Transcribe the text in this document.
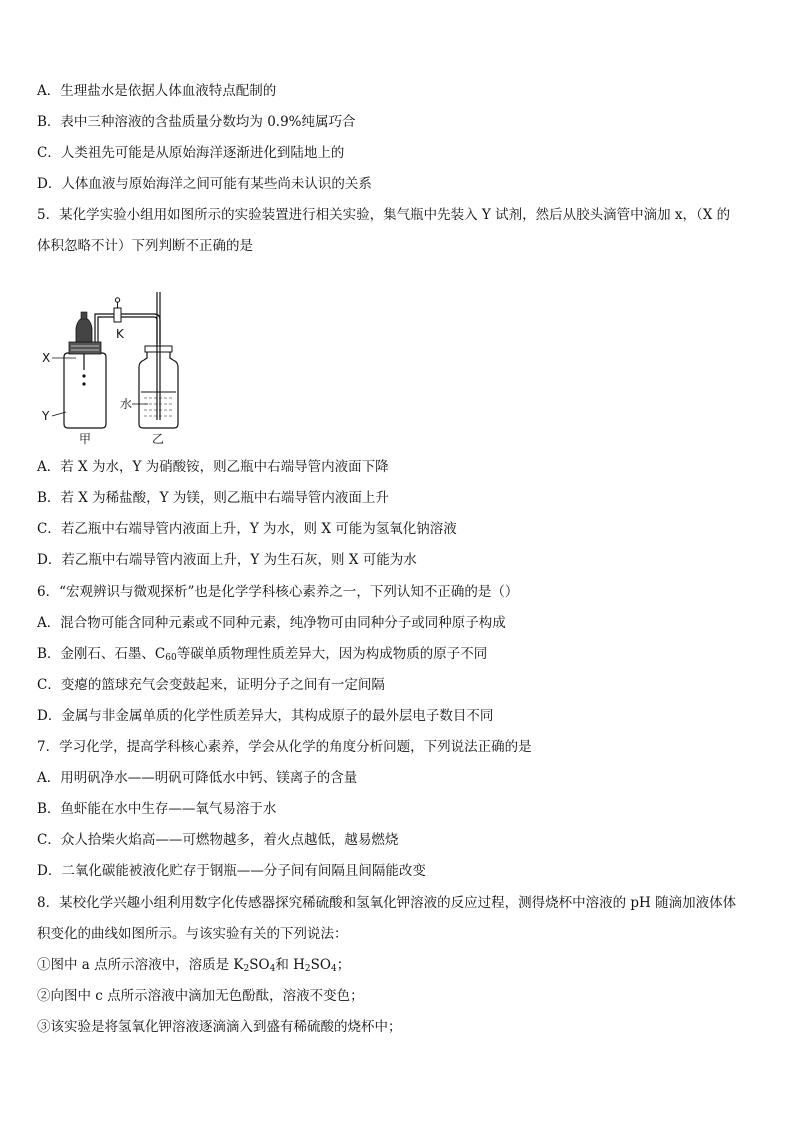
A．生理盐水是依据人体血液特点配制的
B．表中三种溶液的含盐质量分数均为 0.9%纯属巧合
C．人类祖先可能是从原始海洋逐渐进化到陆地上的
D．人体血液与原始海洋之间可能有某些尚未认识的关系
5．某化学实验小组用如图所示的实验装置进行相关实验，集气瓶中先装入 Y 试剂，然后从胶头滴管中滴加 x，（X 的
体积忽略不计）下列判断不正确的是
X
Y
K
水
甲	乙
A．若 X 为水，Y 为硝酸铵，则乙瓶中右端导管内液面下降
B．若 X 为稀盐酸，Y 为镁，则乙瓶中右端导管内液面上升
C．若乙瓶中右端导管内液面上升，Y 为水，则 X 可能为氢氧化钠溶液
D．若乙瓶中右端导管内液面上升，Y 为生石灰，则 X 可能为水
6．“宏观辨识与微观探析”也是化学学科核心素养之一，下列认知不正确的是（）
A．混合物可能含同种元素或不同种元素，纯净物可由同种分子或同种原子构成
B．金刚石、石墨、$C_{60}$等碳单质物理性质差异大，因为构成物质的原子不同
C．变瘪的篮球充气会变鼓起来，证明分子之间有一定间隔
D．金属与非金属单质的化学性质差异大，其构成原子的最外层电子数目不同
7．学习化学，提高学科核心素养，学会从化学的角度分析问题，下列说法正确的是
A．用明矾净水——明矾可降低水中钙、镁离子的含量
B．鱼虾能在水中生存——氧气易溶于水
C．众人拾柴火焰高——可燃物越多，着火点越低，越易燃烧
D．二氧化碳能被液化贮存于钢瓶——分子间有间隔且间隔能改变
8．某校化学兴趣小组利用数字化传感器探究稀硫酸和氢氧化钾溶液的反应过程，测得烧杯中溶液的 pH 随滴加液体体
积变化的曲线如图所示。与该实验有关的下列说法：
①图中 a 点所示溶液中，溶质是 $K_2SO_4$和 $H_2SO_4$；
②向图中 c 点所示溶液中滴加无色酚酞，溶液不变色；
③该实验是将氢氧化钾溶液逐滴滴入到盛有稀硫酸的烧杯中；
